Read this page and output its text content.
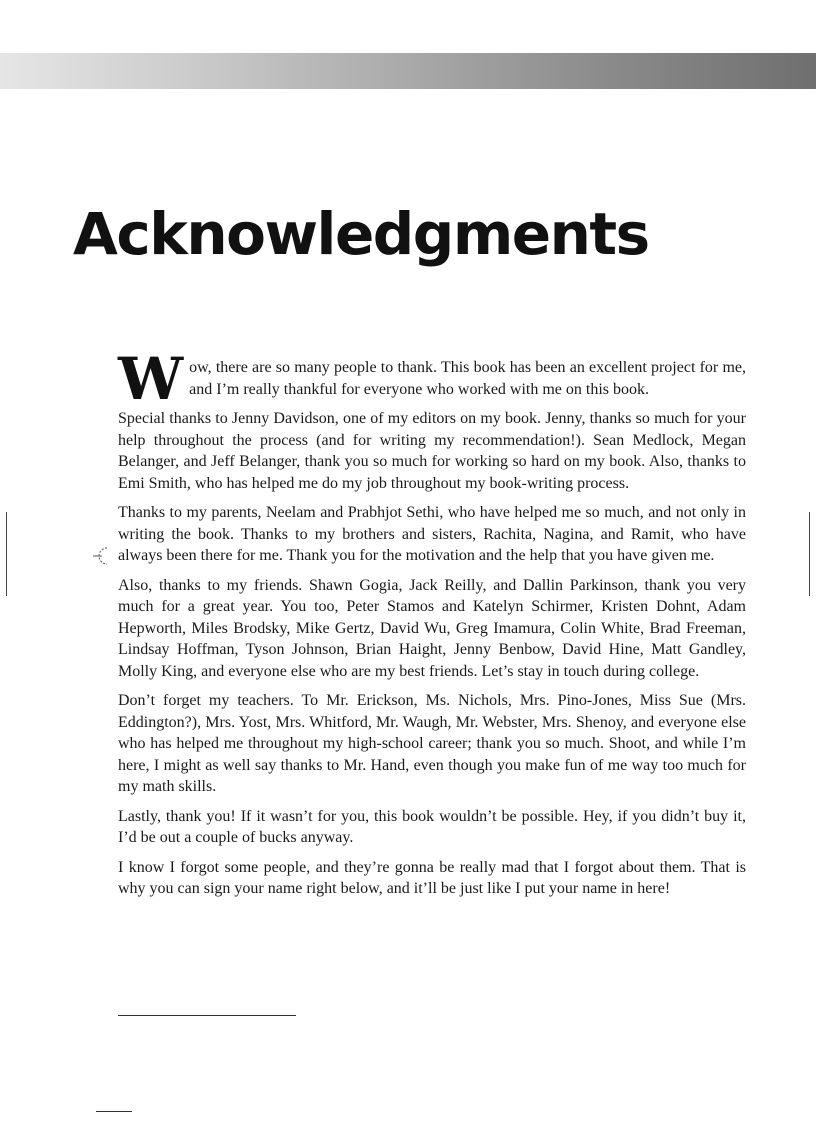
Acknowledgments

Wow, there are so many people to thank. This book has been an excellent project for me, and I’m really thankful for everyone who worked with me on this book.

Special thanks to Jenny Davidson, one of my editors on my book. Jenny, thanks so much for your help throughout the process (and for writing my recommendation!). Sean Medlock, Megan Belanger, and Jeff Belanger, thank you so much for working so hard on my book. Also, thanks to Emi Smith, who has helped me do my job throughout my book-writing process.

Thanks to my parents, Neelam and Prabhjot Sethi, who have helped me so much, and not only in writing the book. Thanks to my brothers and sisters, Rachita, Nagina, and Ramit, who have always been there for me. Thank you for the motivation and the help that you have given me.

Also, thanks to my friends. Shawn Gogia, Jack Reilly, and Dallin Parkinson, thank you very much for a great year. You too, Peter Stamos and Katelyn Schirmer, Kristen Dohnt, Adam Hepworth, Miles Brodsky, Mike Gertz, David Wu, Greg Imamura, Colin White, Brad Freeman, Lindsay Hoffman, Tyson Johnson, Brian Haight, Jenny Benbow, David Hine, Matt Gandley, Molly King, and everyone else who are my best friends. Let’s stay in touch during college.

Don’t forget my teachers. To Mr. Erickson, Ms. Nichols, Mrs. Pino-Jones, Miss Sue (Mrs. Eddington?), Mrs. Yost, Mrs. Whitford, Mr. Waugh, Mr. Webster, Mrs. Shenoy, and everyone else who has helped me throughout my high-school career; thank you so much. Shoot, and while I’m here, I might as well say thanks to Mr. Hand, even though you make fun of me way too much for my math skills.

Lastly, thank you! If it wasn’t for you, this book wouldn’t be possible. Hey, if you didn’t buy it, I’d be out a couple of bucks anyway.

I know I forgot some people, and they’re gonna be really mad that I forgot about them. That is why you can sign your name right below, and it’ll be just like I put your name in here!
